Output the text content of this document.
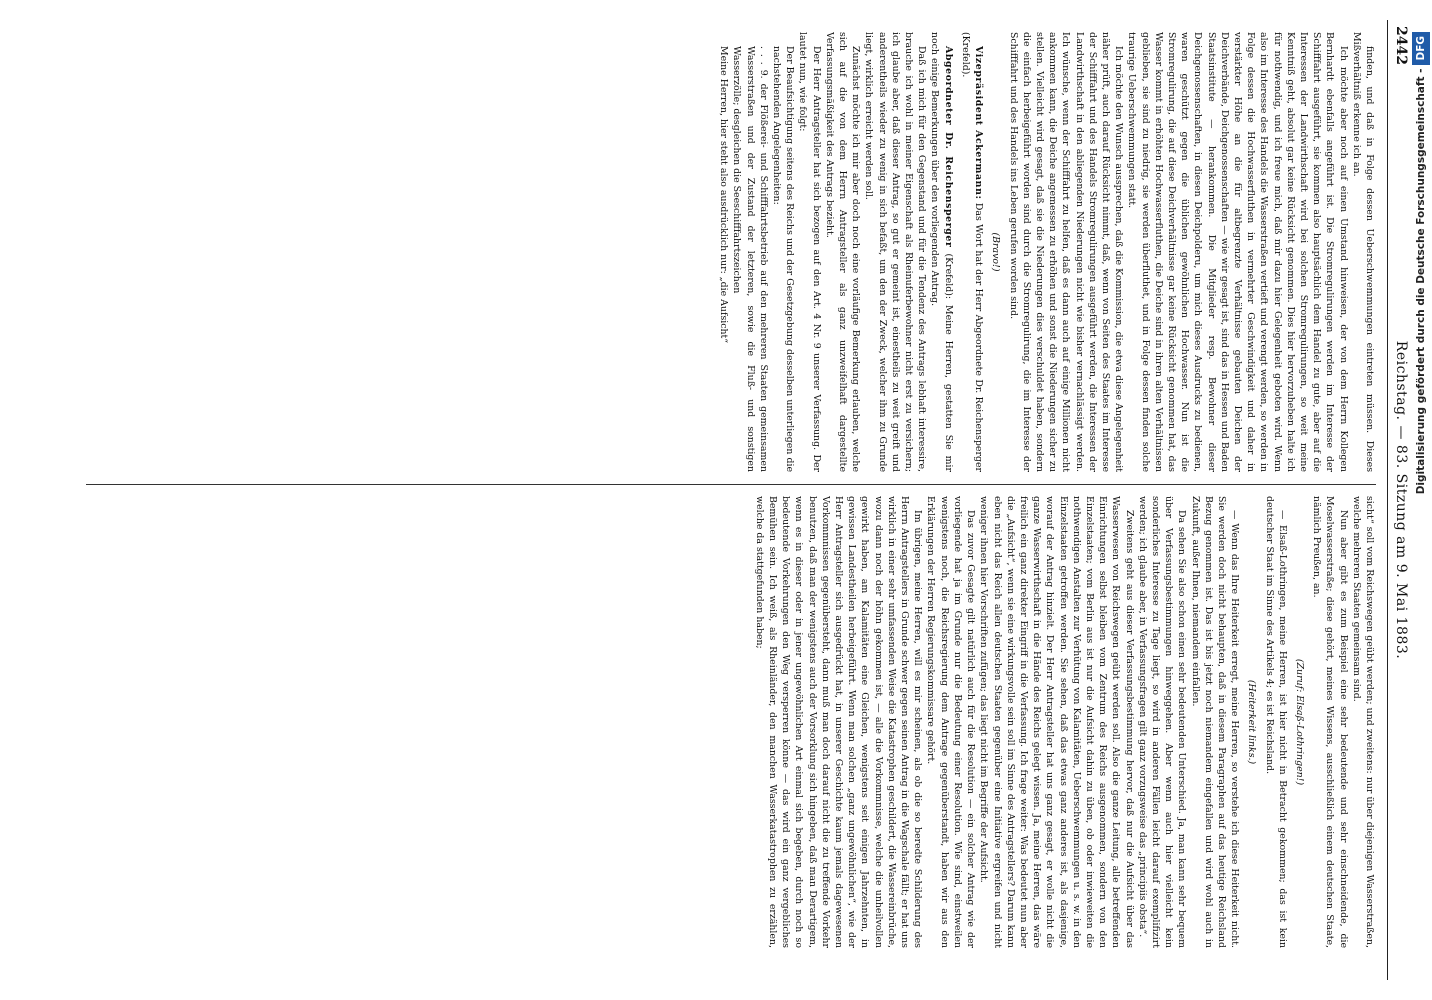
2442
Reichstag. — 83. Sitzung am 9. Mai 1883.

finden, und daß in Folge dessen Ueberschwemmungen eintreten müssen. Dieses Mißverhältniß erkenne ich an.

Ich möchte aber noch auf einen Umstand hinweisen, der von dem Herrn Kollegen Bernhardt ebenfalls angeführt ist. Die Stromregulirungen werden im Interesse der Schifffahrt ausgeführt, sie kommen also hauptsächlich dem Handel zu gute, aber auf die Interessen der Landwirthschaft wird bei solchen Stromregulirungen, so weit meine Kenntniß geht, absolut gar keine Rücksicht genommen. Dies hier hervorzuheben halte ich für nothwendig, und ich freue mich, daß mir dazu hier Gelegenheit geboten wird. Wenn also im Interesse des Handels die Wasserstraßen vertieft und verengt werden, so werden in Folge dessen die Hochwasserfluthen in vermehrter Geschwindigkeit und daher in verstärkter Höhe an die für altbegrenzte Verhältnisse gebauten Deichen der Deichverbände, Deichgenossenschaften — wie wir gesagt ist, sind das in Hessen und Baden Staatsinstitute — herankommen. Die Mitglieder resp. Bewohner dieser Deichgenossenschaften, in diesen Deichpolderu, um mich dieses Ausdrucks zu bedienen, waren geschützt gegen die üblichen gewöhnlichen Hochwasser. Nun ist die Stromregulirung, die auf diese Deichverhältnisse gar keine Rücksicht genommen hat, das Wasser kommt in erhöhten Hochwasserfluthen, die Deiche sind in ihren alten Verhältnissen geblieben, sie sind zu niedrig, sie werden überfluthet, und in Folge dessen finden solche traurige Ueberschwemmungen statt.

Ich möchte den Wunsch aussprechen, daß die Kommission, die etwa diese Angelegenheit näher prüft, auch darauf Rücksicht nimmt, daß, wenn von Seiten des Staates im Interesse der Schifffahrt und des Handels Stromregulirungen ausgeführt werden, die Interessen der Landwirthschaft in den abliegenden Niederungen nicht wie bisher vernachlässigt werden. Ich wünsche, wenn der Schifffahrt zu helfen, daß es dann auch auf einige Millionen nicht ankommen kann, die Deiche angemessen zu erhöhen und sonst die Niederungen sicher zu stellen. Vielleicht wird gesagt, daß sie die Niederungen dies verschuldet haben, sondern die einfach herbeigeführt worden sind durch die Stromregulirung, die im Interesse der Schifffahrt und des Handels ins Leben gerufen worden sind.

(Bravo!)

Vizepräsident Ackermann: Das Wort hat der Herr Abgeordnete Dr. Reichensperger (Krefeld).

Abgeordneter Dr. Reichensperger (Krefeld): Meine Herren, gestatten Sie mir noch einige Bemerkungen über den vorliegenden Antrag.

Daß ich mich für den Gegenstand und für die Tendenz des Antrags lebhaft interessire, brauche ich wohl in meiner Eigenschaft als Rheinuferbewohner nicht erst zu versichern; ich glaube aber, daß dieser Antrag, so gut er gemeint ist, einestheils zu weit greift und anderentheils wieder zu wenig in sich befaßt, um den der Zweck, welcher ihm zu Grunde liegt, wirklich erreicht werden soll.

Zunächst möchte ich mir aber doch noch eine vorläufige Bemerkung erlauben, welche sich auf die von dem Herrn Antragsteller als ganz unzweifelhaft dargestellte Verfassungsmäßigkeit des Antrags bezieht.

Der Herr Antragsteller hat sich bezogen auf den Art. 4 Nr. 9 unserer Verfassung. Der lautet nun, wie folgt:

Der Beaufsichtigung seitens des Reichs und der Gesetzgebung desselben unterliegen die nachstehenden Angelegenheiten:

. . . 9. der Flößerei- und Schifffahrtsbetrieb auf den mehreren Staaten gemeinsamen Wasserstraßen und der Zustand der letzteren, sowie die Fluß- und sonstigen Wasserzölle; desgleichen die Seeschifffahrtszeichen

Meine Herren, hier steht also ausdrücklich nur: „die Aufsicht“

sicht“ soll vom Reichswegen geübt werden; und zweitens: nur über diejenigen Wasserstraßen, welche mehreren Staaten gemeinsam sind.

Nun aber gibt es zum Beispiel eine sehr bedeutende und sehr einschneidende, die Moselwasserstraße; diese gehört, meines Wissens, ausschließlich einem deutschen Staate, nämlich Preußen, an.

(Zuruf: Elsaß-Lothringen!)

— Elsaß-Lothringen, meine Herren, ist hier nicht in Betracht gekommen; das ist kein deutscher Staat im Sinne des Artikels 4; es ist Reichsland.

(Heiterkeit links.)

— Wenn das Ihre Heiterkeit erregt, meine Herren, so verstehe ich diese Heiterkeit nicht. Sie werden doch nicht behaupten, daß in diesem Paragraphen auf das heutige Reichsland Bezug genommen ist. Das ist bis jetzt noch niemandem eingefallen und wird wohl auch in Zukunft, außer Ihnen, niemandem einfallen.

Da sehen Sie also schon einen sehr bedeutenden Unterschied. Ja, man kann sehr bequem über Verfassungsbestimmungen hinweggehen. Aber wenn auch hier vielleicht kein sonderliches Interesse zu Tage liegt, so wird in anderen Fällen leicht darauf exemplifizirt werden; ich glaube aber, in Verfassungsfragen gilt ganz vorzugsweise das „principiis obsta“.

Zweitens geht aus dieser Verfassungsbestimmung hervor, daß nur die Aufsicht über das Wasserwesen von Reichswegen geübt werden soll. Also die ganze Leitung, alle betreffenden Einrichtungen selbst bleiben vom Zentrum des Reichs ausgenommen, sondern von den Einzelstaaten; vom Berlin aus ist nur die Aufsicht dahin zu üben, ob oder inwieweiten die nothwendigen Anstalten zur Verhütung von Kalamitäten, Ueberschwemmungen u. s. w. in den Einzelstaaten getroffen werden. Sie sehen, daß das etwas ganz anderes ist, als dasjenige, worauf der Antrag hinzielt. Der Herr Antragsteller hat uns ganz gesagt, er wolle nicht die ganze Wasserwirthschaft in die Hände des Reichs gelegt wissen. Ja, meine Herren, das wäre freilich ein ganz direkter Eingriff in die Verfassung. Ich frage weiter: Was bedeutet nun aber die „Aufsicht“, wenn sie eine wirkungsvolle sein soll im Sinne des Antragstellers? Darum kann eben nicht das Reich allen deutschen Staaten gegenüber eine Initiative ergreifen und nicht weniger ihnen hier Vorschriften zufügen; das liegt nicht im Begriffe der Aufsicht.

Das zuvor Gesagte gilt natürlich auch für die Resolution — ein solcher Antrag wie der vorliegende hat ja im Grunde nur die Bedeutung einer Resolution. Wie sind, einstweilen wenigstens noch, die Reichsregierung dem Antrage gegenüberstandt, haben wir aus den Erklärungen der Herren Regierungskommissare gehört.

Im übrigen, meine Herren, will es mir scheinen, als ob die so beredte Schilderung des Herrn Antragstellers in Grunde schwer gegen seinen Antrag in die Wagschale fällt; er hat uns wirklich in einer sehr umfassenden Weise die Katastrophen geschildert, die Wassereinbrüche, wozu dann noch der höhn gekommen ist, — alle die Vorkommnisse, welche die unheilvollen gewirkt haben, am Kalamitäten eine Gleichen, wenigstens seit einigen Jahrzehnten, in gewissen Landestheilen herbeigeführt. Wenn man solchen „ganz ungewöhnlichen“, wie der Herr Antragsteller sich ausgedrückt hat, in unserer Geschichte kaum jemals dagewesenen Vorkommnissen gegenübersteht, dann muß man doch darauf nicht die zu treffende Vorkehr benutzen, daß man der wenigstens auch der Vorsorklung sich hingeben, daß man Derartigem, wenn es in dieser oder in jener ungewöhnlichen Art einmal sich begeben, durch noch so bedeutende Vorkehrungen den Weg versperren könne — das wird ein ganz vergebliches Bemühen sein. Ich weiß, als Rheinländer, den manchen Wasserkatastrophen zu erzählen, welche da stattgefunden haben;

Digitalisierung gefördert durch die Deutsche Forschungsgemeinschaft -DFG
